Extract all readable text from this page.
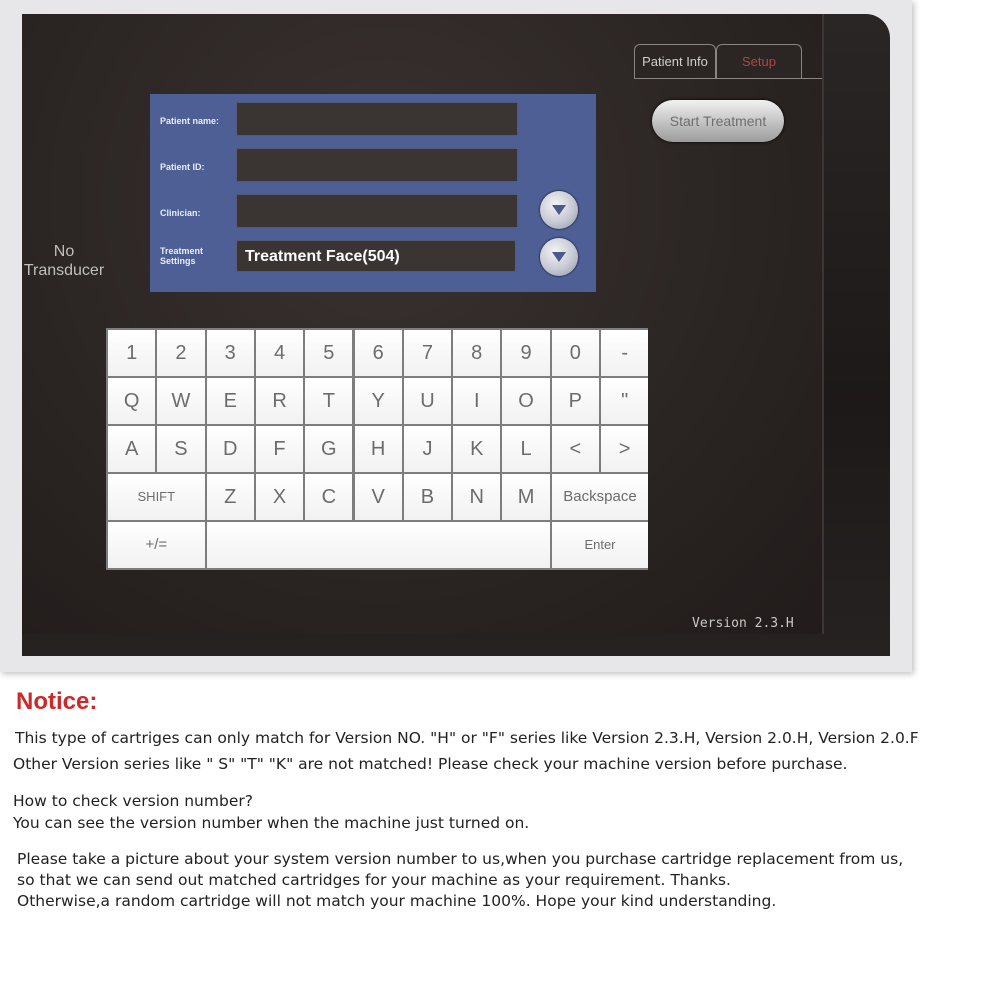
Patient Info	Setup
Start Treatment
No
Transducer
Patient name:
Patient ID:
Clinician:
Treatment
Settings	Treatment Face(504)
1	2	3	4	5	6	7	8	9	0	-
Q	W	E	R	T	Y	U	I	O	P	"
A	S	D	F	G	H	J	K	L	<	>
SHIFT	Z	X	C	V	B	N	M	Backspace
+/=	Enter
Version 2.3.H
Notice:
This type of cartriges can only match for Version NO. "H" or "F" series like Version 2.3.H, Version 2.0.H, Version 2.0.F
Other Version series like " S" "T" "K" are not matched! Please check your machine version before purchase.
How to check version number?
You can see the version number when the machine just turned on.
Please take a picture about your system version number to us,when you purchase cartridge replacement from us,
so that we can send out matched cartridges for your machine as your requirement. Thanks.
Otherwise,a random cartridge will not match your machine 100%. Hope your kind understanding.
